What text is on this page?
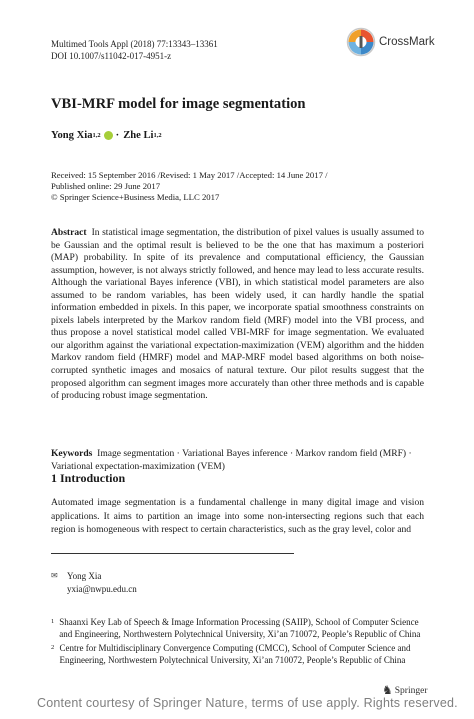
Multimed Tools Appl (2018) 77:13343–13361
DOI 10.1007/s11042-017-4951-z
CrossMark
VBI-MRF model for image segmentation
Yong Xia 1,2 · Zhe Li 1,2
Received: 15 September 2016 /Revised: 1 May 2017 /Accepted: 14 June 2017 /
Published online: 29 June 2017
© Springer Science+Business Media, LLC 2017

Abstract In statistical image segmentation, the distribution of pixel values is usually assumed to be Gaussian and the optimal result is believed to be the one that has maximum a posteriori (MAP) probability. In spite of its prevalence and computational efficiency, the Gaussian assumption, however, is not always strictly followed, and hence may lead to less accurate results. Although the variational Bayes inference (VBI), in which statistical model parameters are also assumed to be random variables, has been widely used, it can hardly handle the spatial information embedded in pixels. In this paper, we incorporate spatial smoothness constraints on pixels labels interpreted by the Markov random field (MRF) model into the VBI process, and thus propose a novel statistical model called VBI-MRF for image segmentation. We evaluated our algorithm against the variational expectation-maximization (VEM) algorithm and the hidden Markov random field (HMRF) model and MAP-MRF model based algorithms on both noise-corrupted synthetic images and mosaics of natural texture. Our pilot results suggest that the proposed algorithm can segment images more accurately than other three methods and is capable of producing robust image segmentation.

Keywords Image segmentation · Variational Bayes inference · Markov random field (MRF) · Variational expectation-maximization (VEM)

1 Introduction

Automated image segmentation is a fundamental challenge in many digital image and vision applications. It aims to partition an image into some non-intersecting regions such that each region is homogeneous with respect to certain characteristics, such as the gray level, color and

✉	Yong Xia
yxia@nwpu.edu.cn
1 Shaanxi Key Lab of Speech & Image Information Processing (SAIIP), School of Computer Science and Engineering, Northwestern Polytechnical University, Xi’an 710072, People’s Republic of China
2 Centre for Multidisciplinary Convergence Computing (CMCC), School of Computer Science and Engineering, Northwestern Polytechnical University, Xi’an 710072, People’s Republic of China
♞ Springer
Content courtesy of Springer Nature, terms of use apply. Rights reserved.
